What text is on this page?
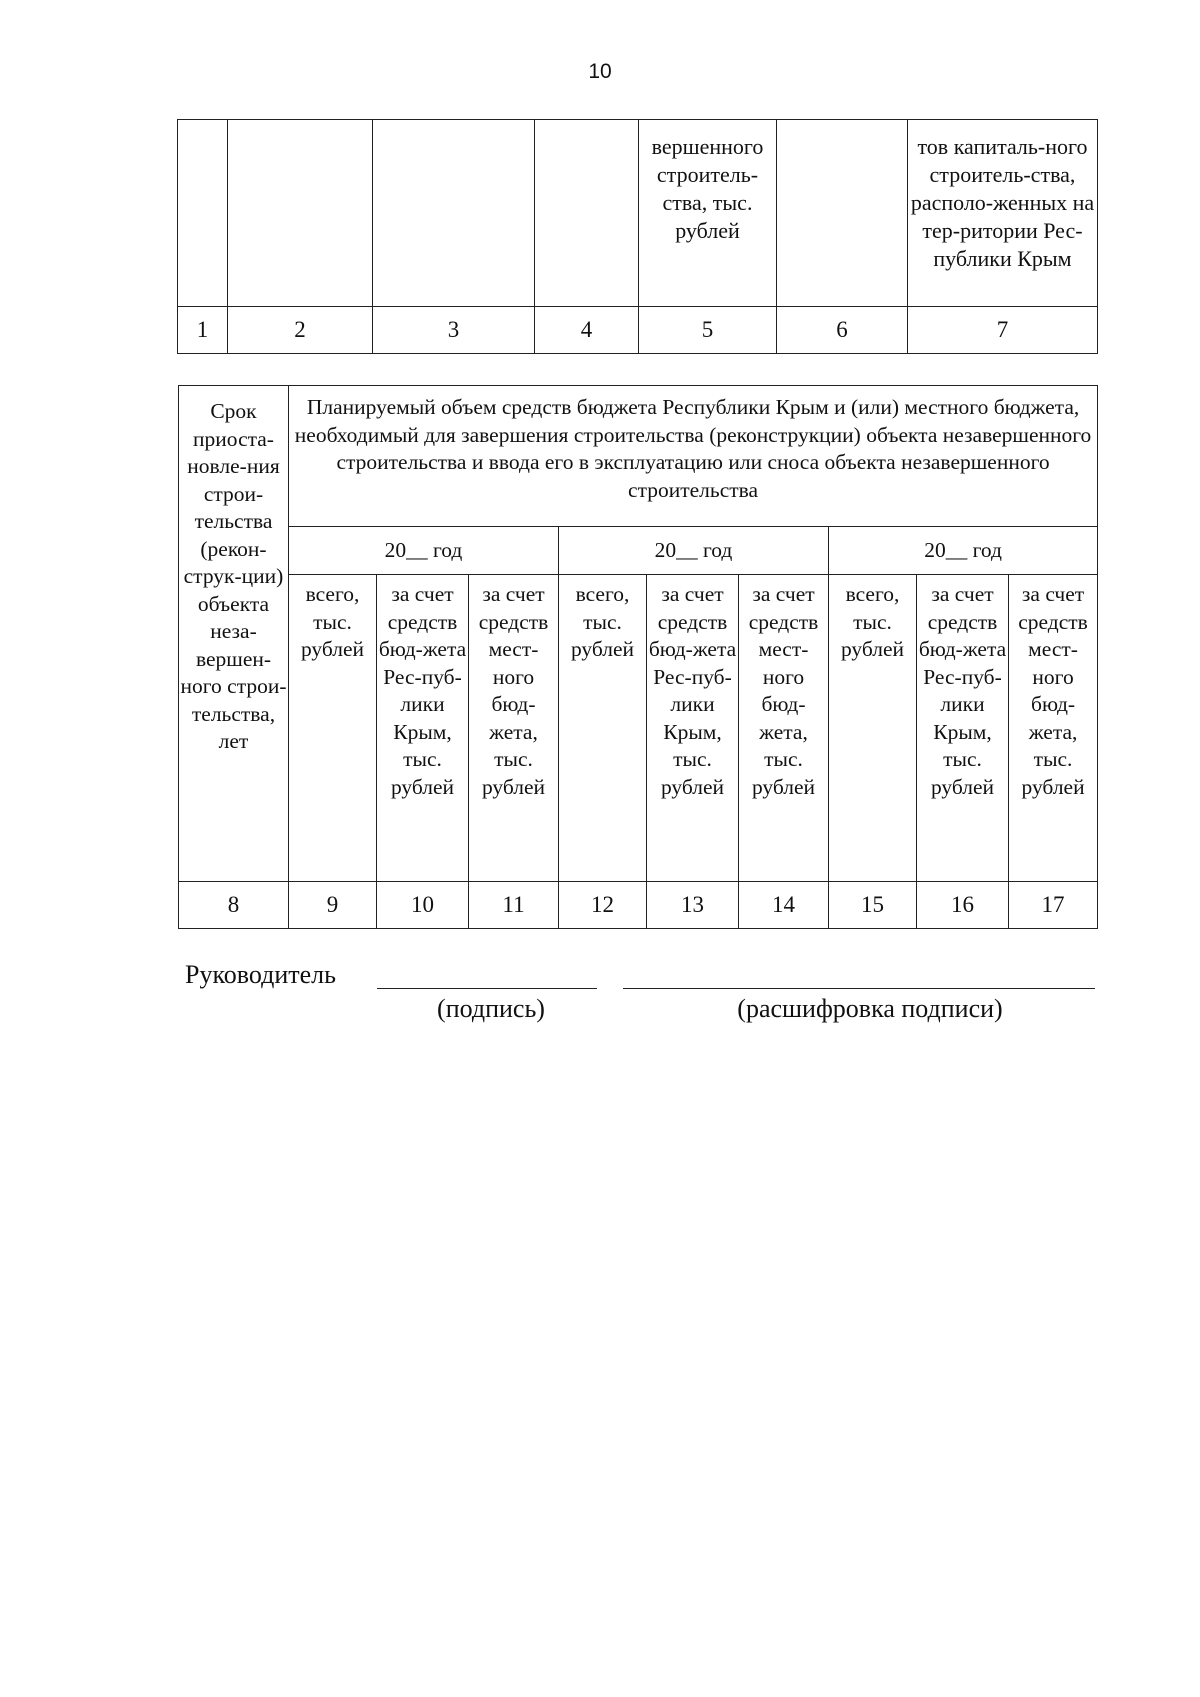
10

				вершенного строитель-ства, тыс. рублей		тов капиталь-ного строитель-ства, располо-женных на тер-ритории Рес-публики Крым

1	2	3	4	5	6	7
Срок приоста-новле-ния строи-тельства (рекон-струк-ции) объекта неза-вершен-ного строи-тельства, лет	Планируемый объем средств бюджета Республики Крым и (или) местного бюджета, необходимый для завершения строительства (реконструкции) объекта незавершенного строительства и ввода его в эксплуатацию или сноса объекта незавершенного строительства								
	20__ год			20__ год			20__ год		
	всего, тыс. рублей	за счет средств бюд-жета Рес-пуб-лики Крым, тыс. рублей	за счет средств мест-ного бюд-жета, тыс. рублей	всего, тыс. рублей	за счет средств бюд-жета Рес-пуб-лики Крым, тыс. рублей	за счет средств мест-ного бюд-жета, тыс. рублей	всего, тыс. рублей	за счет средств бюд-жета Рес-пуб-лики Крым, тыс. рублей	за счет средств мест-ного бюд-жета, тыс. рублей
8	9	10	11	12	13	14	15	16	17
Руководитель
(подпись)	(расшифровка подписи)
